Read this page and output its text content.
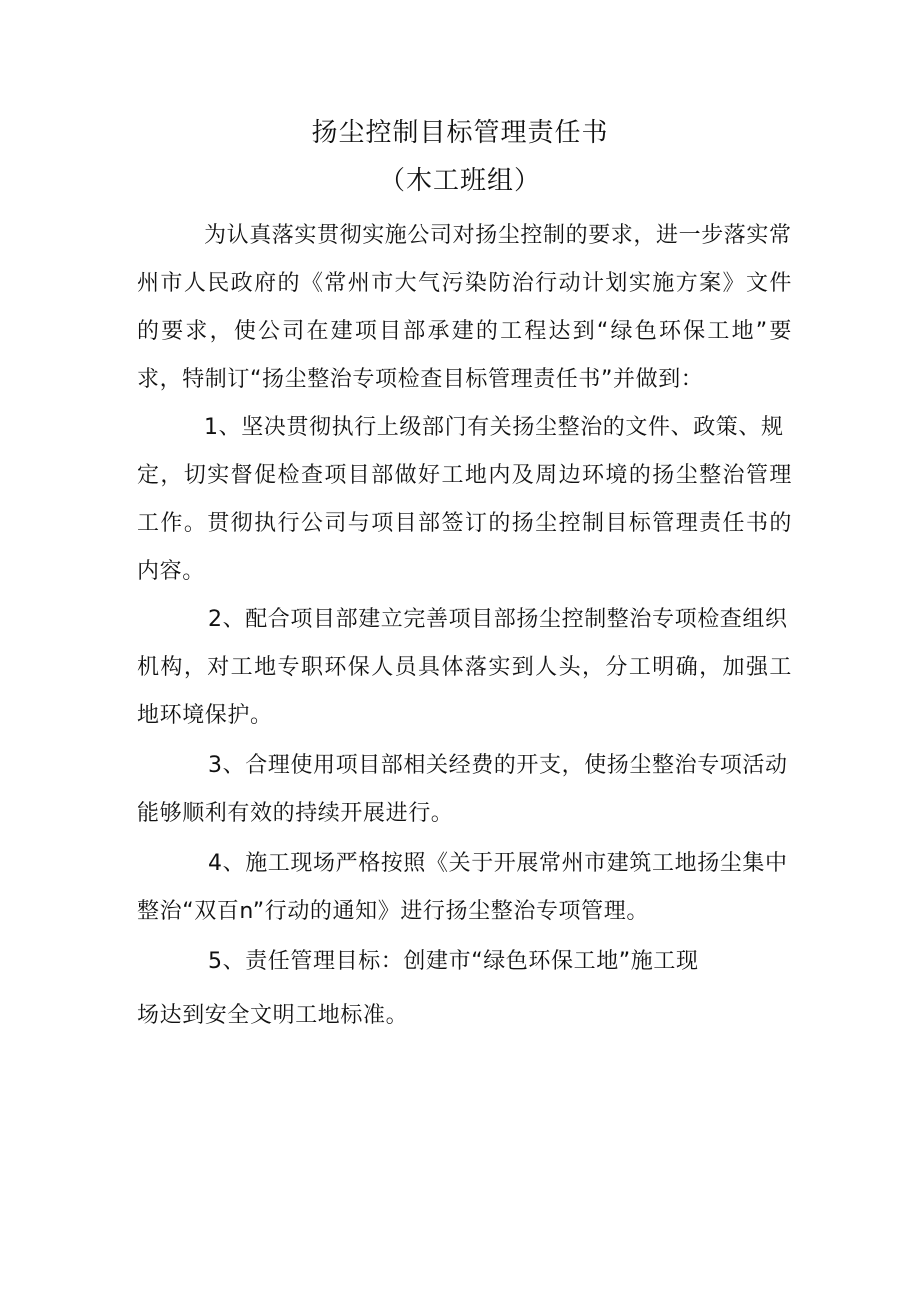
扬尘控制目标管理责任书
（木工班组）
为认真落实贯彻实施公司对扬尘控制的要求，进一步落实常
州市人民政府的《常州市大气污染防治行动计划实施方案》文件
的要求，使公司在建项目部承建的工程达到“绿色环保工地”要
求，特制订“扬尘整治专项检查目标管理责任书”并做到：
1、坚决贯彻执行上级部门有关扬尘整治的文件、政策、规
定，切实督促检查项目部做好工地内及周边环境的扬尘整治管理
工作。贯彻执行公司与项目部签订的扬尘控制目标管理责任书的
内容。
2、配合项目部建立完善项目部扬尘控制整治专项检查组织
机构，对工地专职环保人员具体落实到人头，分工明确，加强工
地环境保护。
3、合理使用项目部相关经费的开支，使扬尘整治专项活动
能够顺利有效的持续开展进行。
4、施工现场严格按照《关于开展常州市建筑工地扬尘集中
整治“双百n”行动的通知》进行扬尘整治专项管理。
5、责任管理目标：创建市“绿色环保工地”施工现
场达到安全文明工地标准。
